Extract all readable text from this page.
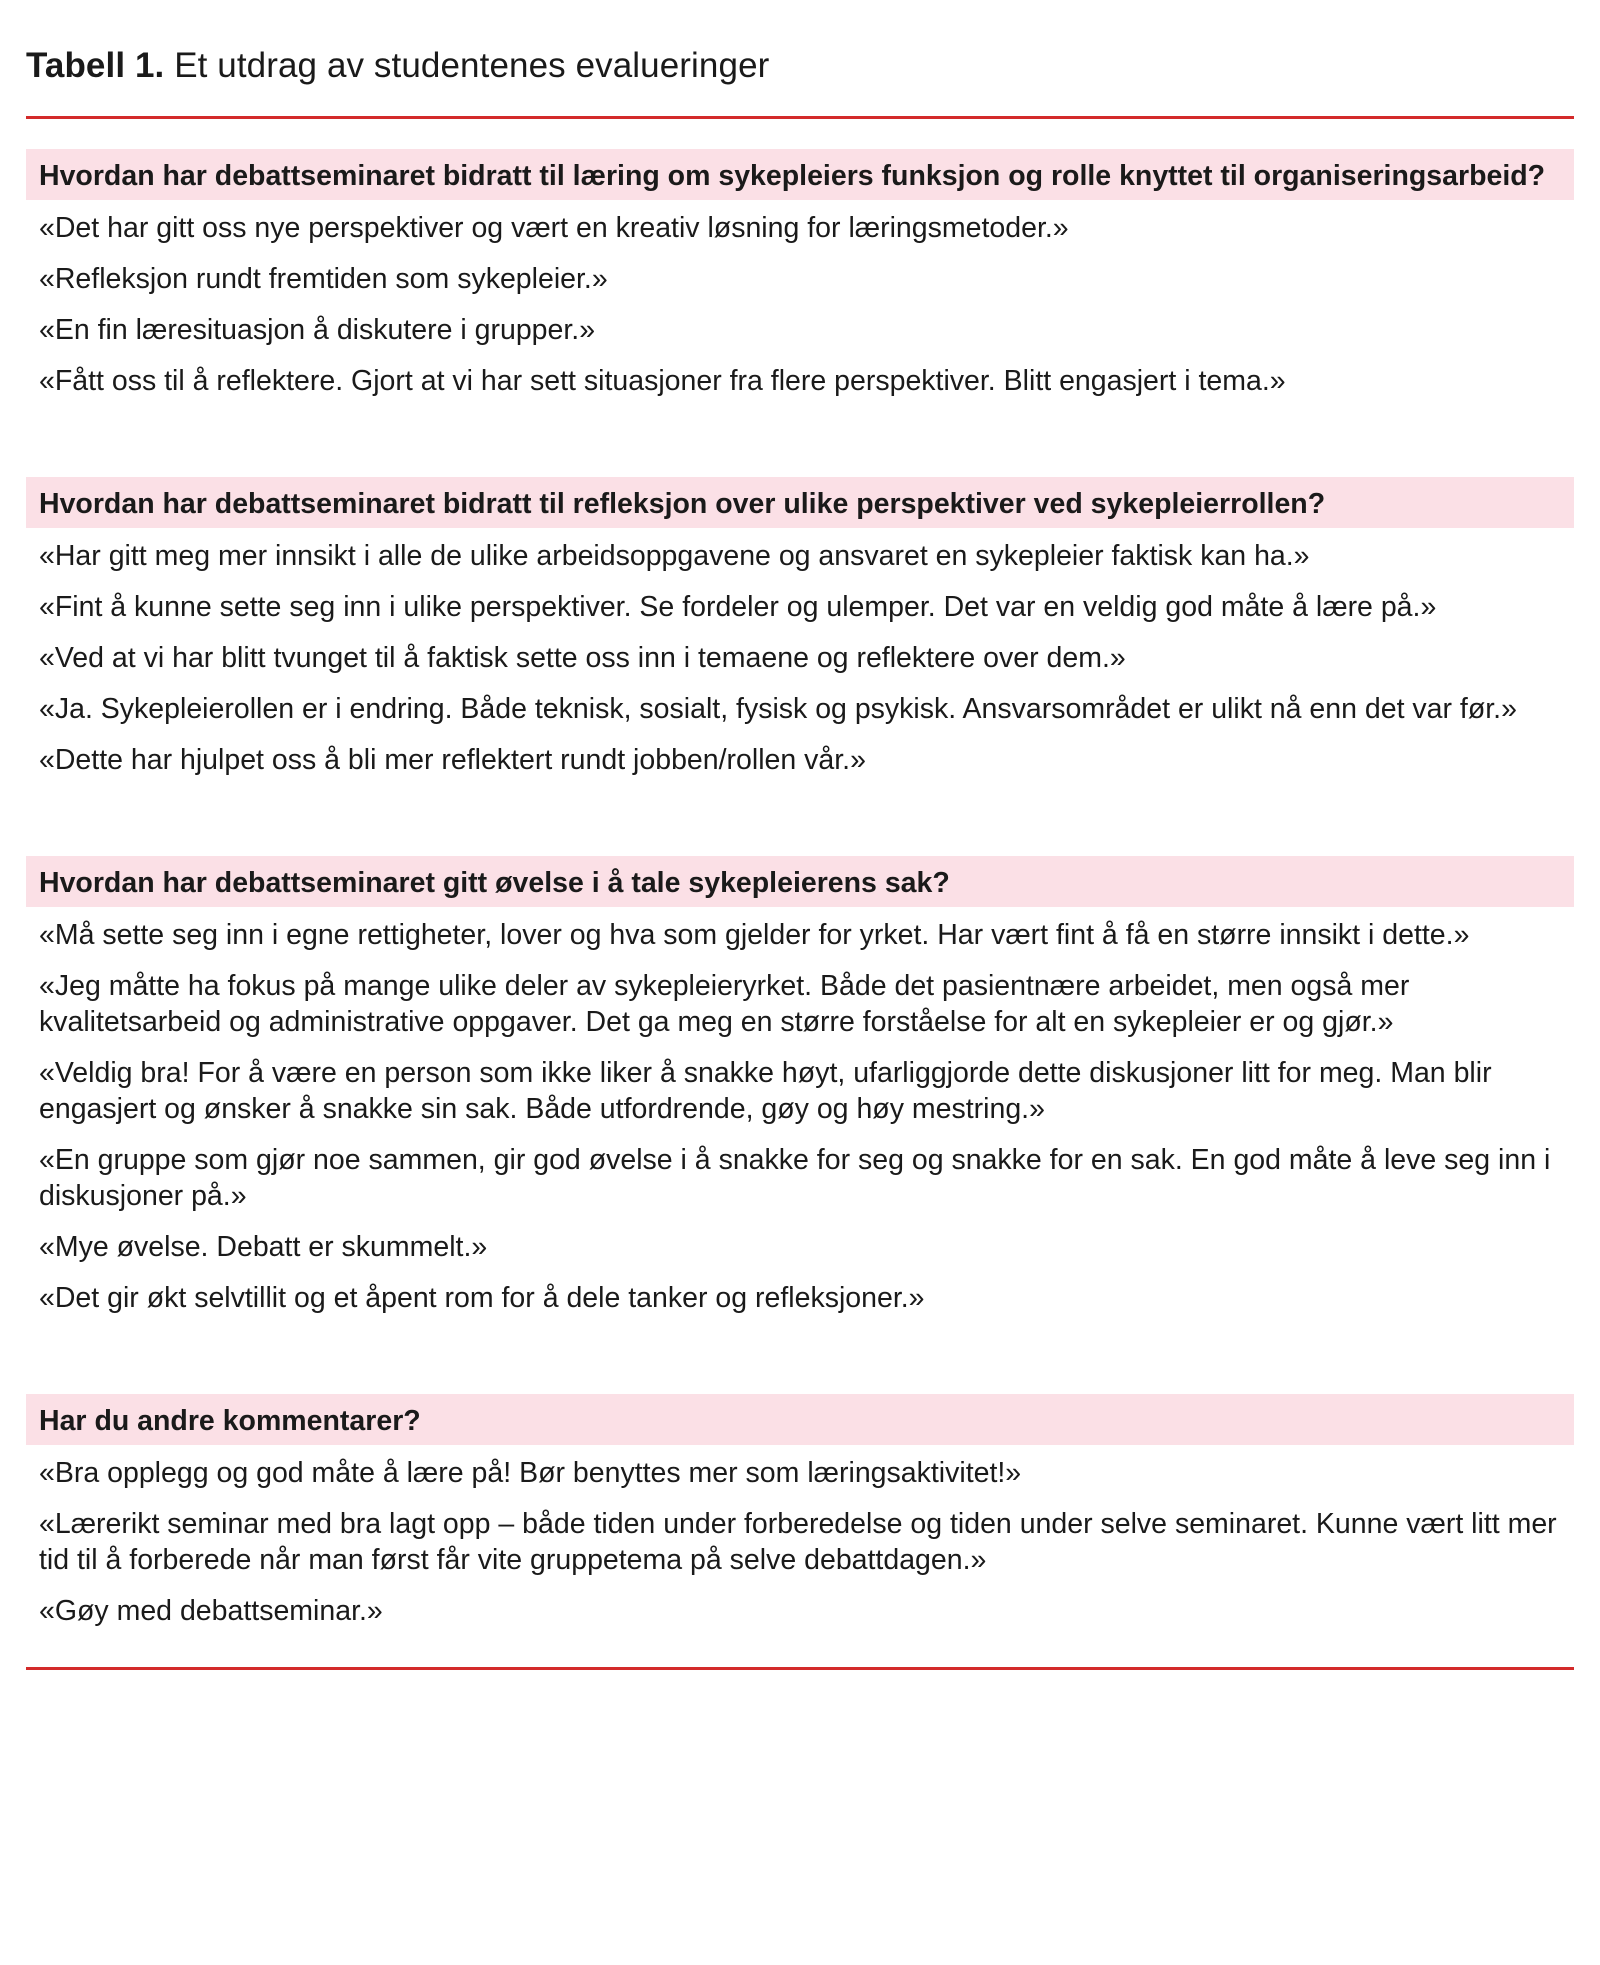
Tabell 1. Et utdrag av studentenes evalueringer
Hvordan har debattseminaret bidratt til læring om sykepleiers funksjon og rolle knyttet til organiseringsarbeid?
«Det har gitt oss nye perspektiver og vært en kreativ løsning for læringsmetoder.»
«Refleksjon rundt fremtiden som sykepleier.»
«En fin læresituasjon å diskutere i grupper.»
«Fått oss til å reflektere. Gjort at vi har sett situasjoner fra flere perspektiver. Blitt engasjert i tema.»
Hvordan har debattseminaret bidratt til refleksjon over ulike perspektiver ved sykepleierrollen?
«Har gitt meg mer innsikt i alle de ulike arbeidsoppgavene og ansvaret en sykepleier faktisk kan ha.»
«Fint å kunne sette seg inn i ulike perspektiver. Se fordeler og ulemper. Det var en veldig god måte å lære på.»
«Ved at vi har blitt tvunget til å faktisk sette oss inn i temaene og reflektere over dem.»
«Ja. Sykepleierollen er i endring. Både teknisk, sosialt, fysisk og psykisk. Ansvarsområdet er ulikt nå enn det var før.»
«Dette har hjulpet oss å bli mer reflektert rundt jobben/rollen vår.»
Hvordan har debattseminaret gitt øvelse i å tale sykepleierens sak?
«Må sette seg inn i egne rettigheter, lover og hva som gjelder for yrket. Har vært fint å få en større innsikt i dette.»
«Jeg måtte ha fokus på mange ulike deler av sykepleieryrket. Både det pasientnære arbeidet, men også mer kvalitetsarbeid og administrative oppgaver. Det ga meg en større forståelse for alt en sykepleier er og gjør.»
«Veldig bra! For å være en person som ikke liker å snakke høyt, ufarliggjorde dette diskusjoner litt for meg. Man blir engasjert og ønsker å snakke sin sak. Både utfordrende, gøy og høy mestring.»
«En gruppe som gjør noe sammen, gir god øvelse i å snakke for seg og snakke for en sak. En god måte å leve seg inn i diskusjoner på.»
«Mye øvelse. Debatt er skummelt.»
«Det gir økt selvtillit og et åpent rom for å dele tanker og refleksjoner.»
Har du andre kommentarer?
«Bra opplegg og god måte å lære på! Bør benyttes mer som læringsaktivitet!»
«Lærerikt seminar med bra lagt opp – både tiden under forberedelse og tiden under selve seminaret. Kunne vært litt mer tid til å forberede når man først får vite gruppetema på selve debattdagen.»
«Gøy med debattseminar.»
